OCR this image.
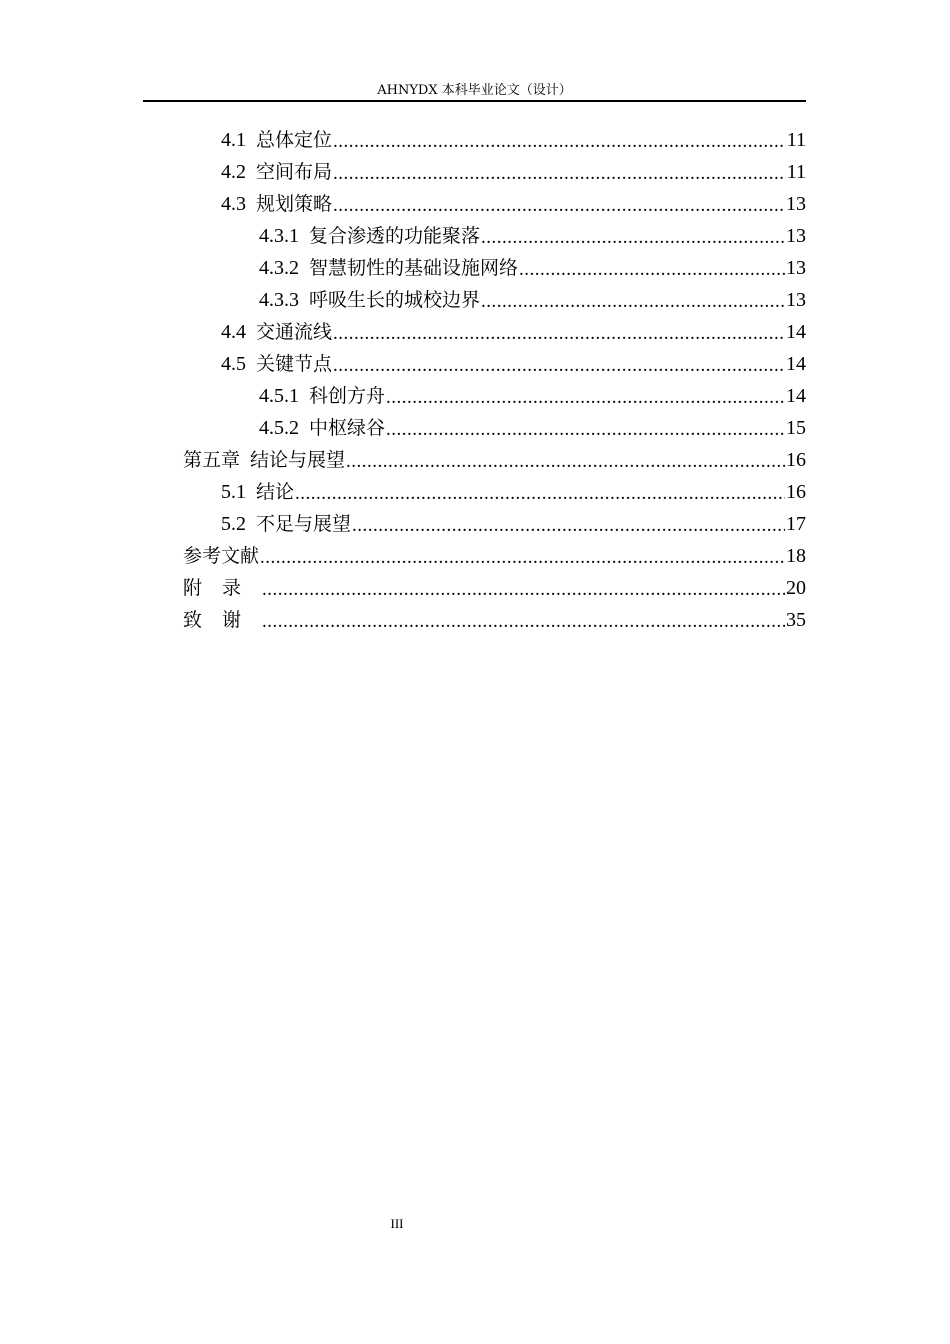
AHNYDX 本科毕业论文（设计）
4.1 总体定位 .....	11
4.2 空间布局 .....	11
4.3 规划策略 .....	13
4.3.1 复合渗透的功能聚落 .....	13
4.3.2 智慧韧性的基础设施网络 .....	13
4.3.3 呼吸生长的城校边界 .....	13
4.4 交通流线 .....	14
4.5 关键节点 .....	14
4.5.1 科创方舟 .....	14
4.5.2 中枢绿谷 .....	15
第五章 结论与展望 .....	16
5.1 结论 .....	16
5.2 不足与展望 .....	17
参考文献 .....	18
附录 .....	20
致谢 .....	35
III
